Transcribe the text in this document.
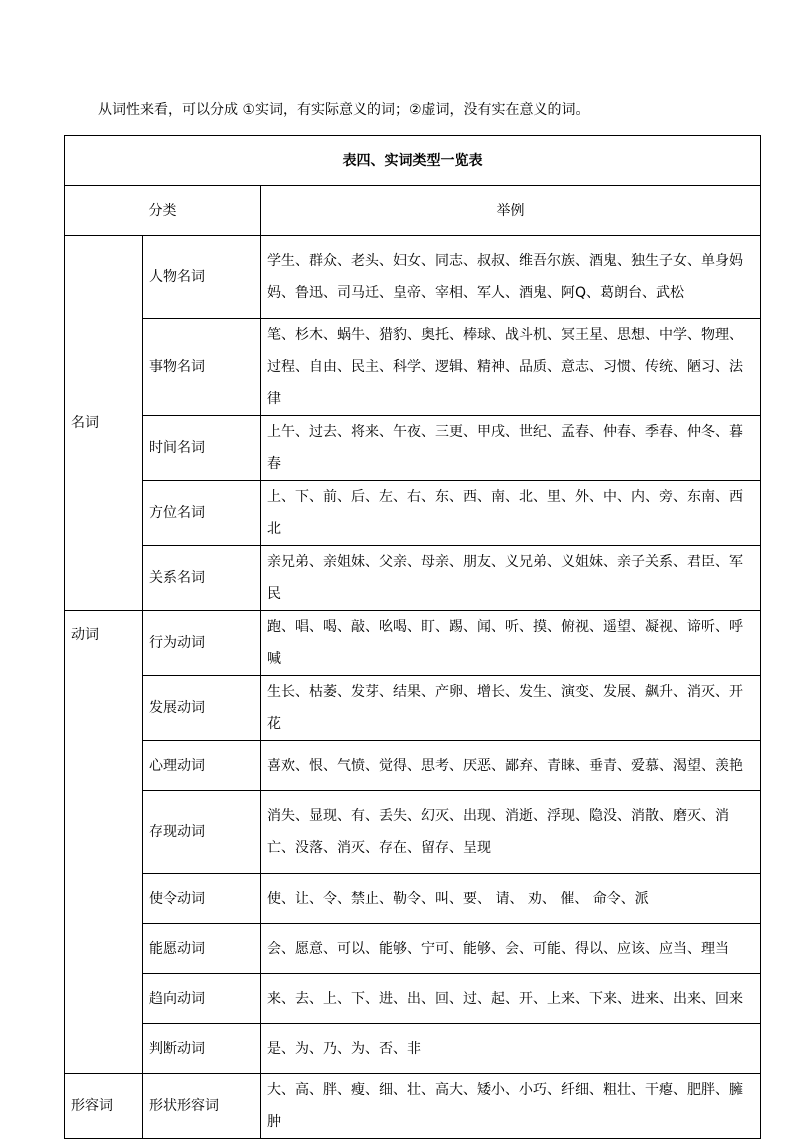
从词性来看，可以分成 ①实词，有实际意义的词；②虚词，没有实在意义的词。
表四、实词类型一览表		
分类		举例
名词	人物名词	学生、群众、老头、妇女、同志、叔叔、维吾尔族、酒鬼、独生子女、单身妈妈、鲁迅、司马迁、皇帝、宰相、军人、酒鬼、阿Q、葛朗台、武松
	事物名词	笔、杉木、蜗牛、猎豹、奥托、棒球、战斗机、冥王星、思想、中学、物理、过程、自由、民主、科学、逻辑、精神、品质、意志、习惯、传统、陋习、法律
	时间名词	上午、过去、将来、午夜、三更、甲戌、世纪、孟春、仲春、季春、仲冬、暮春
	方位名词	上、下、前、后、左、右、东、西、南、北、里、外、中、内、旁、东南、西北
	关系名词	亲兄弟、亲姐妹、父亲、母亲、朋友、义兄弟、义姐妹、亲子关系、君臣、军民
动词	行为动词	跑、唱、喝、敲、吆喝、盯、踢、闻、听、摸、俯视、遥望、凝视、谛听、呼喊
	发展动词	生长、枯萎、发芽、结果、产卵、增长、发生、演变、发展、飙升、消灭、开花
	心理动词	喜欢、恨、气愤、觉得、思考、厌恶、鄙弃、青睐、垂青、爱慕、渴望、羡艳
	存现动词	消失、显现、有、丢失、幻灭、出现、消逝、浮现、隐没、消散、磨灭、消亡、没落、消灭、存在、留存、呈现
	使令动词	使、让、令、禁止、勒令、叫、要、 请、 劝、 催、 命令、派
	能愿动词	会、愿意、可以、能够、宁可、能够、会、可能、得以、应该、应当、理当
	趋向动词	来、去、上、下、进、出、回、过、起、开、上来、下来、进来、出来、回来
	判断动词	是、为、乃、为、否、非
形容词	形状形容词	大、高、胖、瘦、细、壮、高大、矮小、小巧、纤细、粗壮、干瘪、肥胖、臃肿
